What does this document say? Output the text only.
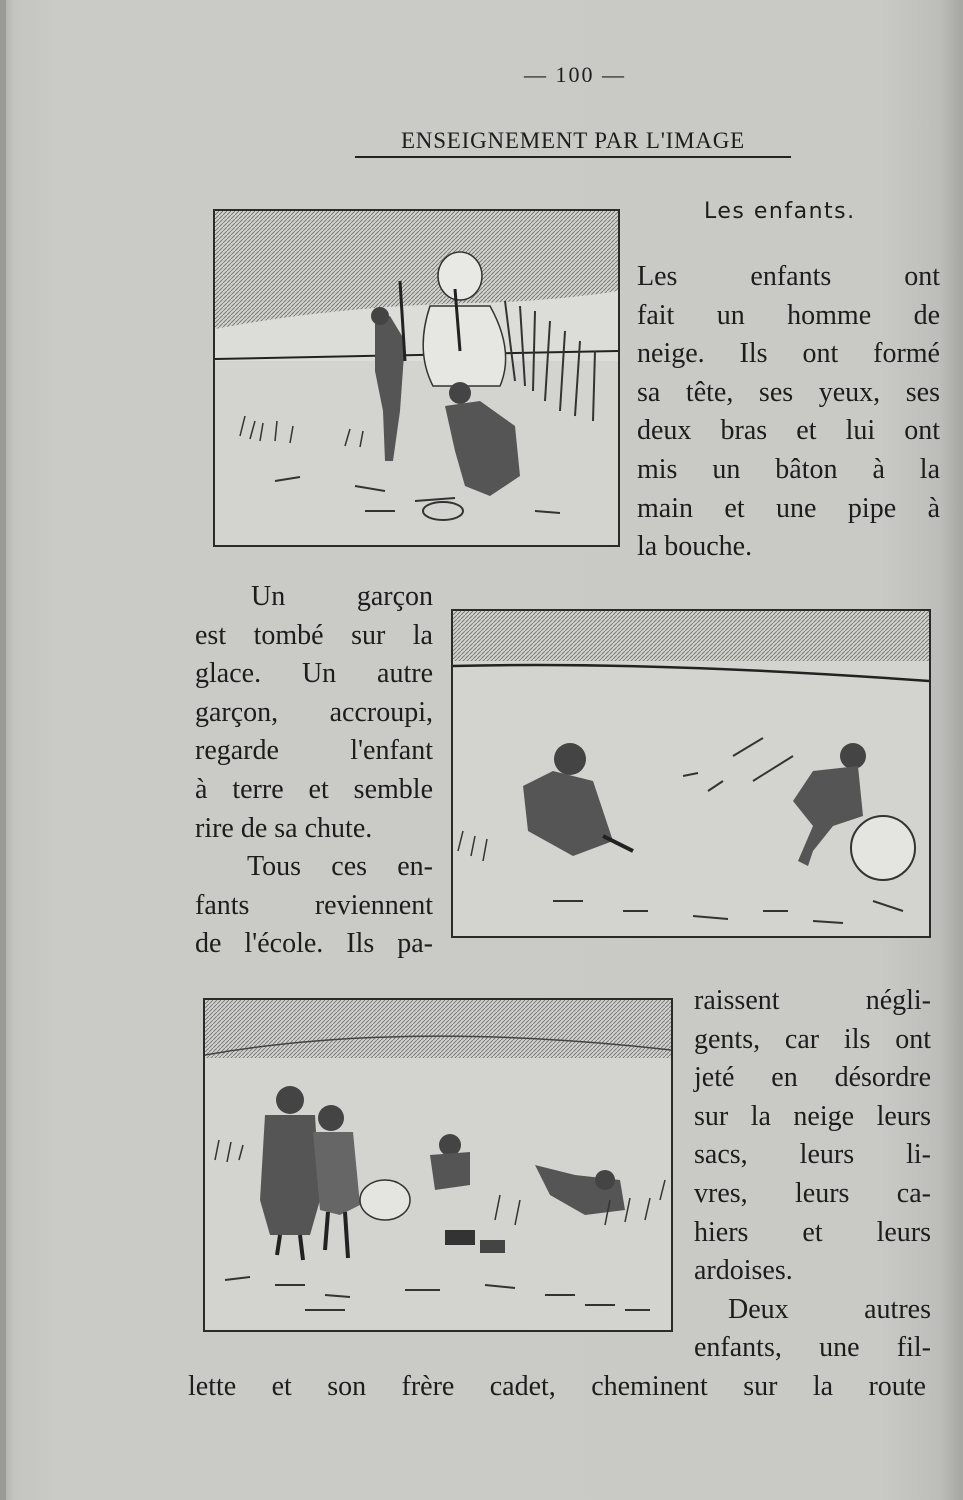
— 100 —
ENSEIGNEMENT PAR L'IMAGE
Les enfants.
Les enfants ont
fait un homme de
neige. Ils ont formé
sa tête, ses yeux, ses
deux bras et lui ont
mis un bâton à la
main et une pipe à
la bouche.
Un garçon
est tombé sur la
glace. Un autre
garçon, accroupi,
regarde l'enfant
à terre et semble
rire de sa chute.
Tous ces en-
fants reviennent
de l'école. Ils pa-
raissent négli-
gents, car ils ont
jeté en désordre
sur la neige leurs
sacs, leurs li-
vres, leurs ca-
hiers et leurs
ardoises.
Deux autres
enfants, une fil-
lette et son frère cadet, cheminent sur la route
